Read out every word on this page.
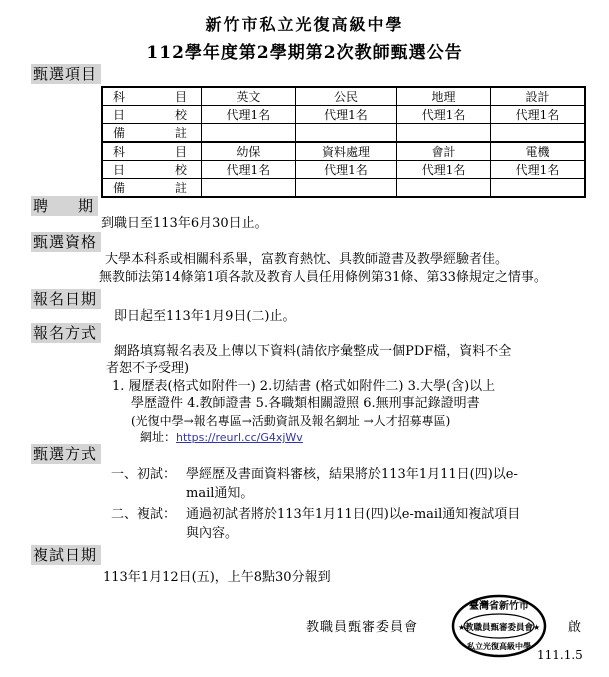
新竹市私立光復高級中學
112學年度第2學期第2次教師甄選公告
甄選項目
科 目	英文	公民	地理	設計
日 校	代理1名	代理1名	代理1名	代理1名
備 註				
科 目	幼保	資料處理	會計	電機
日 校	代理1名	代理1名	代理1名	代理1名
備 註				
聘 期
到職日至113年6月30日止。
甄選資格
大學本科系或相關科系畢，富教育熱忱、具教師證書及教學經驗者佳。
無教師法第14條第1項各款及教育人員任用條例第31條、第33條規定之情事。
報名日期
即日起至113年1月9日(二)止。
報名方式
網路填寫報名表及上傳以下資料(請依序彙整成一個PDF檔，資料不全
者恕不予受理)
1. 履歷表(格式如附件一) 2.切結書 (格式如附件二) 3.大學(含)以上
學歷證件 4.教師證書 5.各職類相關證照 6.無刑事記錄證明書
(光復中學→報名專區→活動資訊及報名網址 →人才招募專區)
網址：https://reurl.cc/G4xjWv
甄選方式
一、初試： 學經歷及書面資料審核，結果將於113年1月11日(四)以e-
mail通知。
二、複試： 通過初試者將於113年1月11日(四)以e-mail通知複試項目
與內容。
複試日期
113年1月12日(五)，上午8點30分報到
教職員甄審委員會	啟
111.1.5
臺灣省新竹市
教職員甄審委員會
私立光復高級中學
★	★
